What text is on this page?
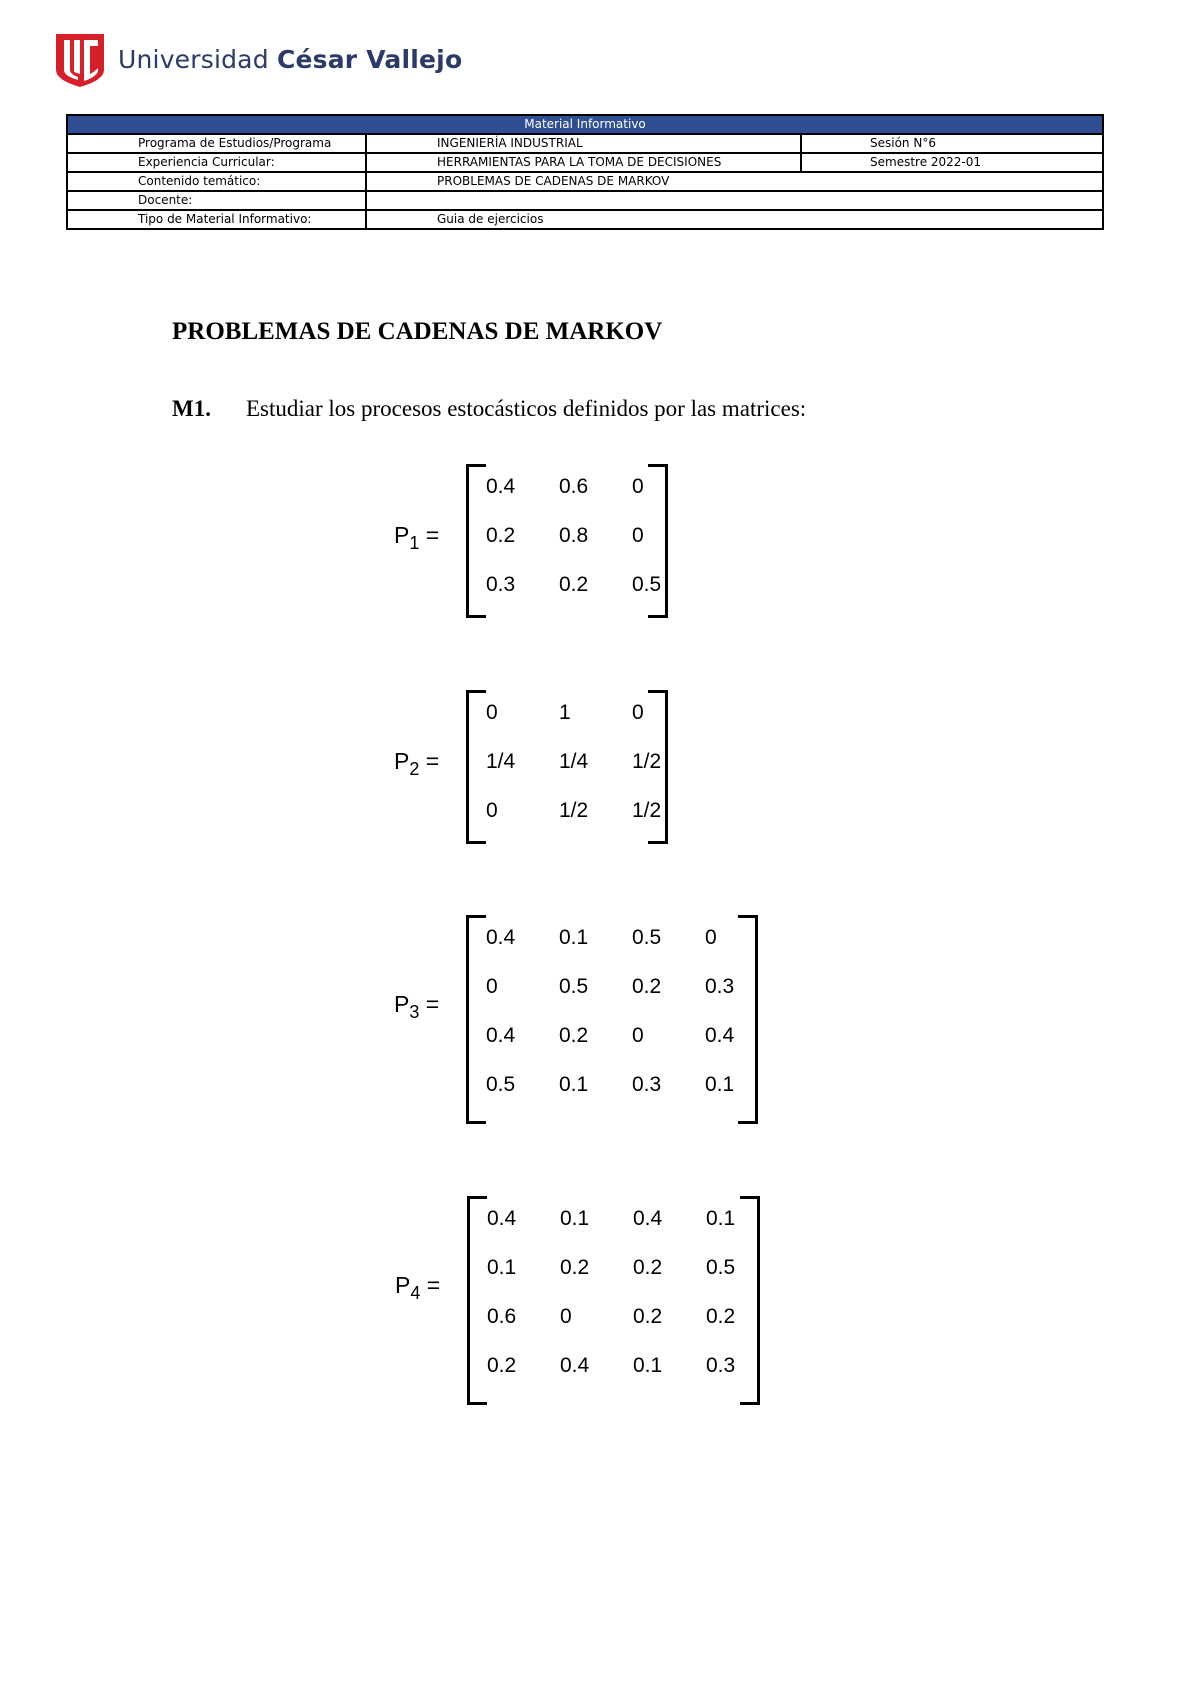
Universidad César Vallejo
Material Informativo		
Programa de Estudios/Programa	INGENIERÍA INDUSTRIAL	Sesión N°6
Experiencia Curricular:	HERRAMIENTAS PARA LA TOMA DE DECISIONES	Semestre 2022-01
Contenido temático:	PROBLEMAS DE CADENAS DE MARKOV	
Docente:		
Tipo de Material Informativo:	Guia de ejercicios	
PROBLEMAS DE CADENAS DE MARKOV
M1. Estudiar los procesos estocásticos definidos por las matrices:
$P_1$ =
0.4 0.6 0
0.2 0.8 0
0.3 0.2 0.5
$P_2$ =
0	1	0
1/4 1/4 1/2
0	1/2 1/2
$P_3$ =
0.4 0.1 0.5 0
0	0.5 0.2 0.3
0.4 0.2 0	0.4
0.5 0.1 0.3 0.1
$P_4$ =
0.4 0.1 0.4 0.1
0.1 0.2 0.2 0.5
0.6 0	0.2 0.2
0.2 0.4 0.1 0.3
